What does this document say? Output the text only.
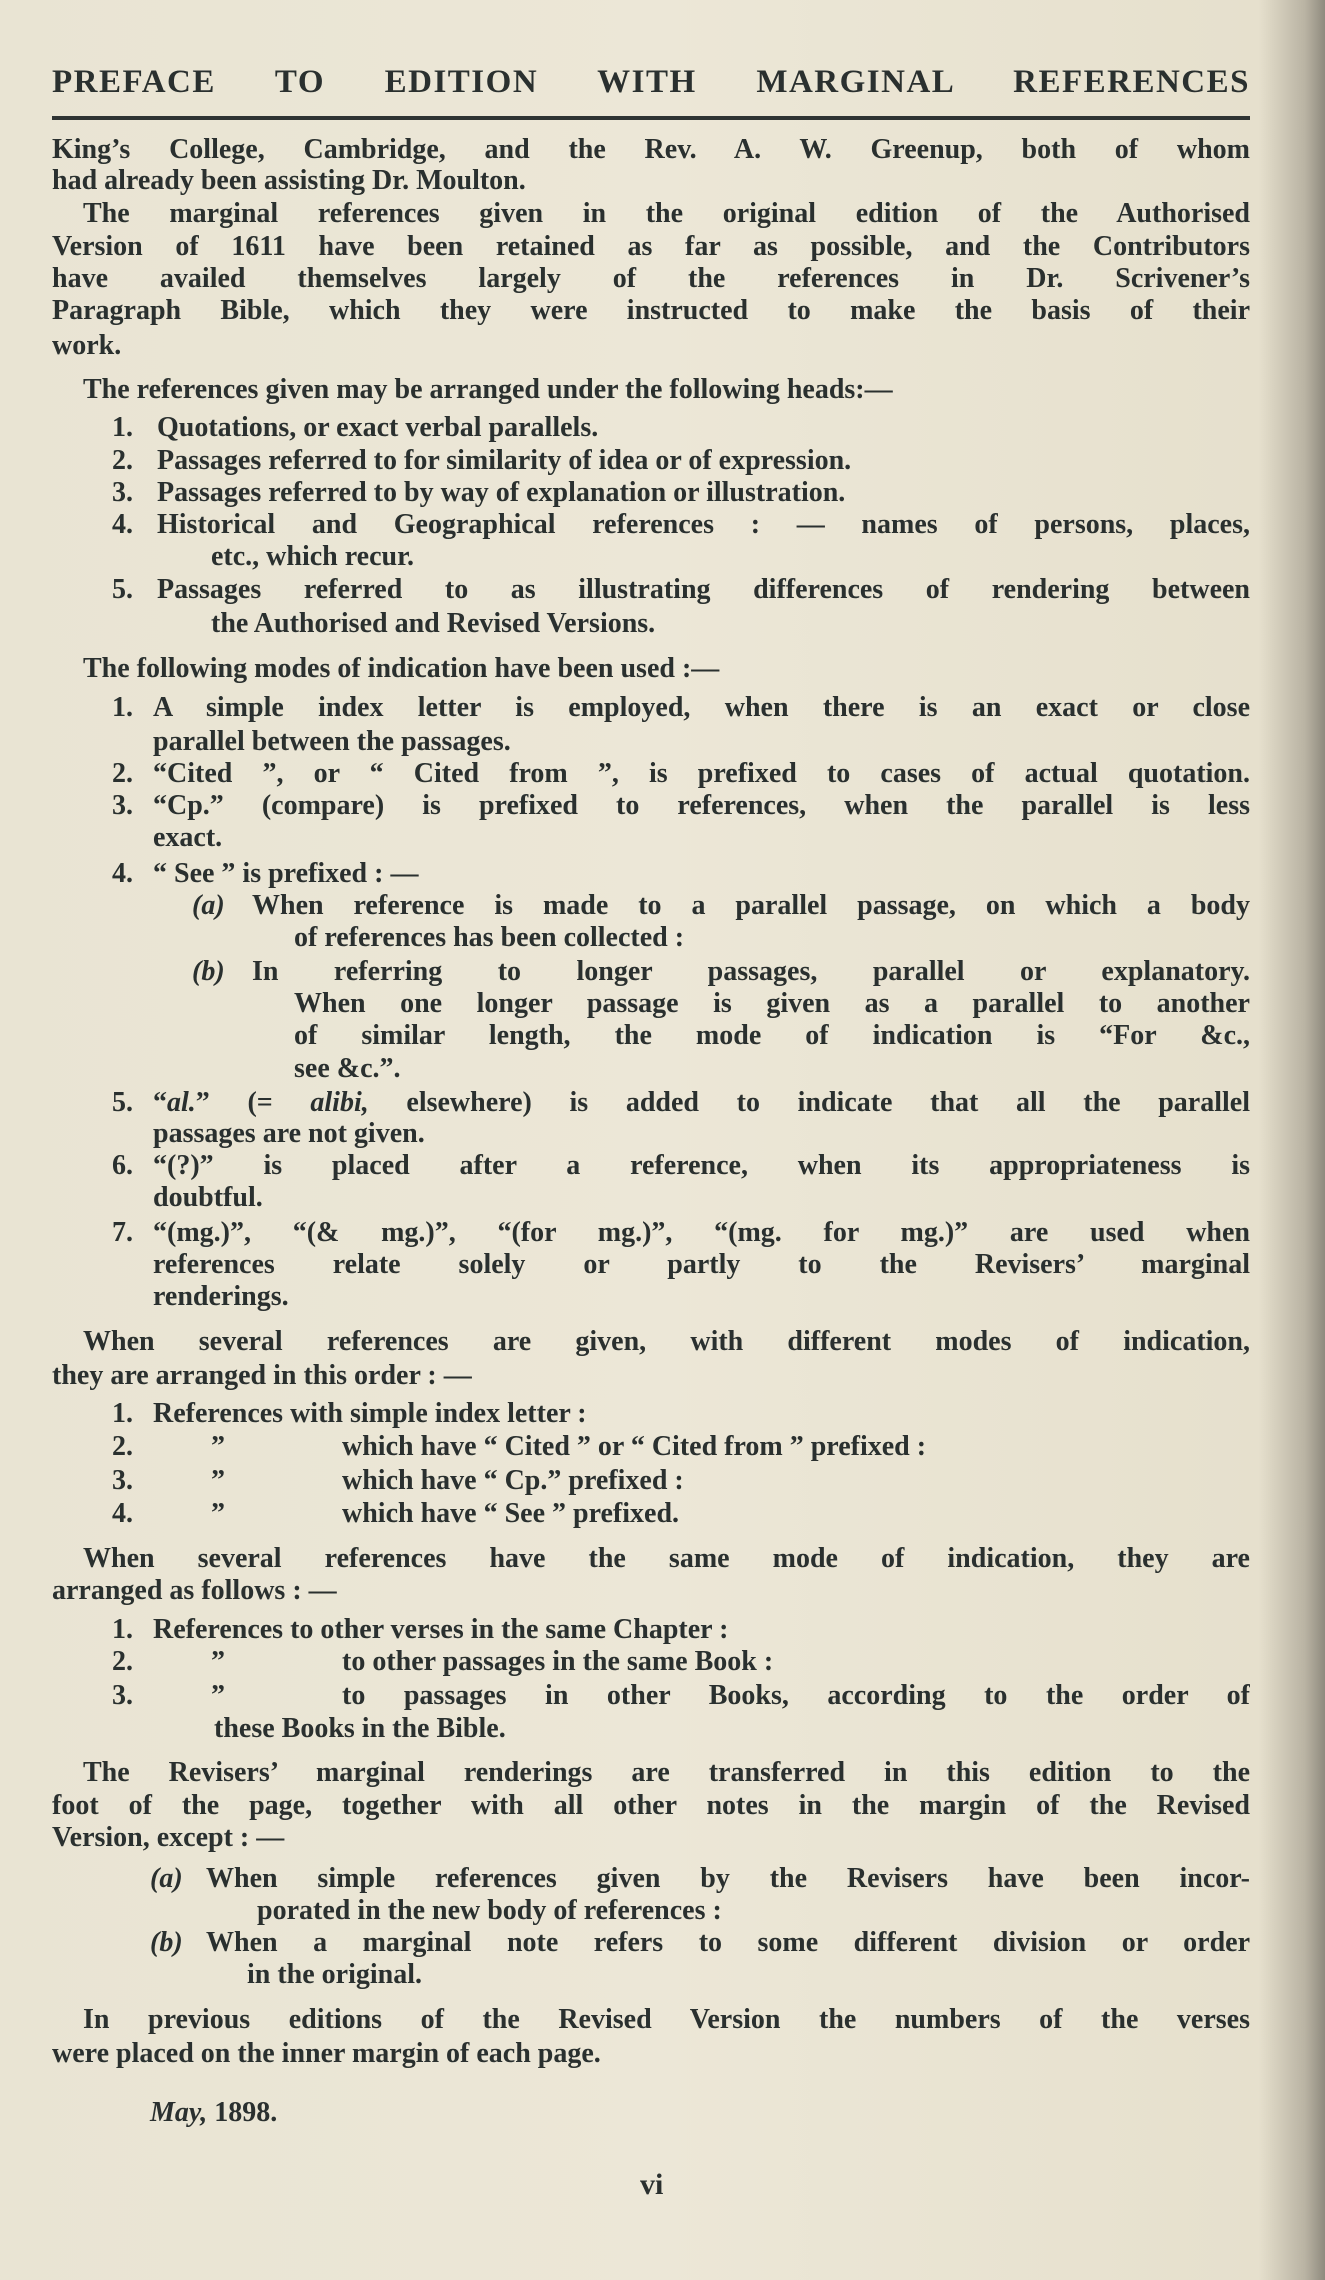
PREFACE TO EDITION WITH MARGINAL REFERENCES
King’s College, Cambridge, and the Rev. A. W. Greenup, both of whom
had already been assisting Dr. Moulton.
The marginal references given in the original edition of the Authorised
Version of 1611 have been retained as far as possible, and the Contributors
have availed themselves largely of the references in Dr. Scrivener’s
Paragraph Bible, which they were instructed to make the basis of their
work.
The references given may be arranged under the following heads:—
1. Quotations, or exact verbal parallels.
2. Passages referred to for similarity of idea or of expression.
3. Passages referred to by way of explanation or illustration.
4. Historical and Geographical references : — names of persons, places,
etc., which recur.
5. Passages referred to as illustrating differences of rendering between
the Authorised and Revised Versions.
The following modes of indication have been used :—
1. A simple index letter is employed, when there is an exact or close
parallel between the passages.
2. “Cited ”, or “ Cited from ”, is prefixed to cases of actual quotation.
3. “Cp.” (compare) is prefixed to references, when the parallel is less
exact.
4. “ See ” is prefixed : —
(a) When reference is made to a parallel passage, on which a body
of references has been collected :
(b) In referring to longer passages, parallel or explanatory.
When one longer passage is given as a parallel to another
of similar length, the mode of indication is “For &c.,
see &c.”.
5. “al.” (= alibi, elsewhere) is added to indicate that all the parallel
passages are not given.
6. “(?)” is placed after a reference, when its appropriateness is
doubtful.
7. “(mg.)”, “(& mg.)”, “(for mg.)”, “(mg. for mg.)” are used when
references relate solely or partly to the Revisers’ marginal
renderings.
When several references are given, with different modes of indication,
they are arranged in this order : —
1. References with simple index letter :
2.	”	which have “ Cited ” or “ Cited from ” prefixed :
3.	”	which have “ Cp.” prefixed :
4.	”	which have “ See ” prefixed.
When several references have the same mode of indication, they are
arranged as follows : —
1. References to other verses in the same Chapter :
2.	”	to other passages in the same Book :
3.	”	to passages in other Books, according to the order of
these Books in the Bible.
The Revisers’ marginal renderings are transferred in this edition to the
foot of the page, together with all other notes in the margin of the Revised
Version, except : —
(a) When simple references given by the Revisers have been incor-
porated in the new body of references :
(b) When a marginal note refers to some different division or order
in the original.
In previous editions of the Revised Version the numbers of the verses
were placed on the inner margin of each page.
May, 1898.
vi
